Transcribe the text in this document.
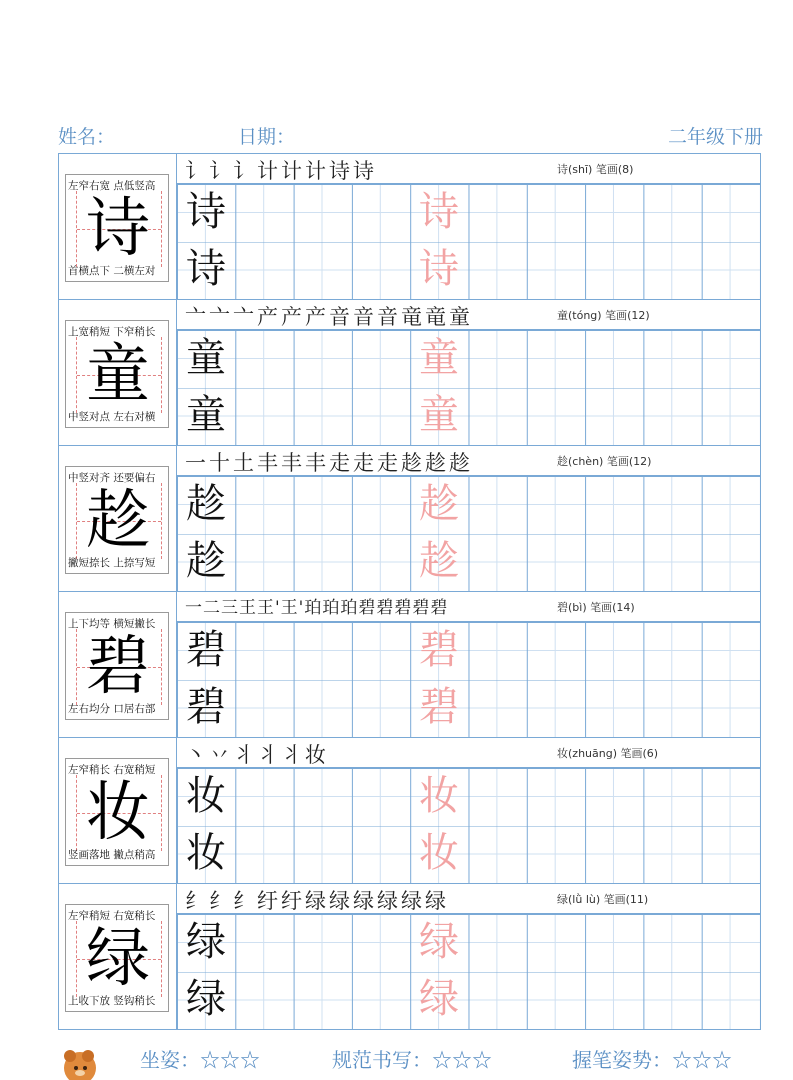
姓名：	日期：	二年级下册
左窄右宽 点低竖高
诗
首横点下 二横左对
讠讠讠计计计诗诗	诗(shī) 笔画(8)
诗
诗
诗
诗
上宽稍短 下窄稍长
童
中竖对点 左右对横
亠亠亠产产产音音音竜竜童	童(tóng) 笔画(12)
童
童
童
童
中竖对齐 还要偏右
趁
撇短捺长 上捺写短
一十土丰丰丰走走走趁趁趁	趁(chèn) 笔画(12)
趁
趁
趁
趁
上下均等 横短撇长
碧
左右均分 口居右部
一二三王王'王'珀珀珀碧碧碧碧碧	碧(bì) 笔画(14)
碧
碧
碧
碧
左窄稍长 右宽稍短
妆
竖画落地 撇点稍高
丶丷丬丬丬妆	妆(zhuāng) 笔画(6)
妆
妆
妆
妆
左窄稍短 右宽稍长
绿
上收下放 竖钩稍长
纟纟纟纡纡绿绿绿绿绿绿	绿(lǜ lù) 笔画(11)
绿
绿
绿
绿
坐姿：☆☆☆	规范书写：☆☆☆	握笔姿势：☆☆☆
